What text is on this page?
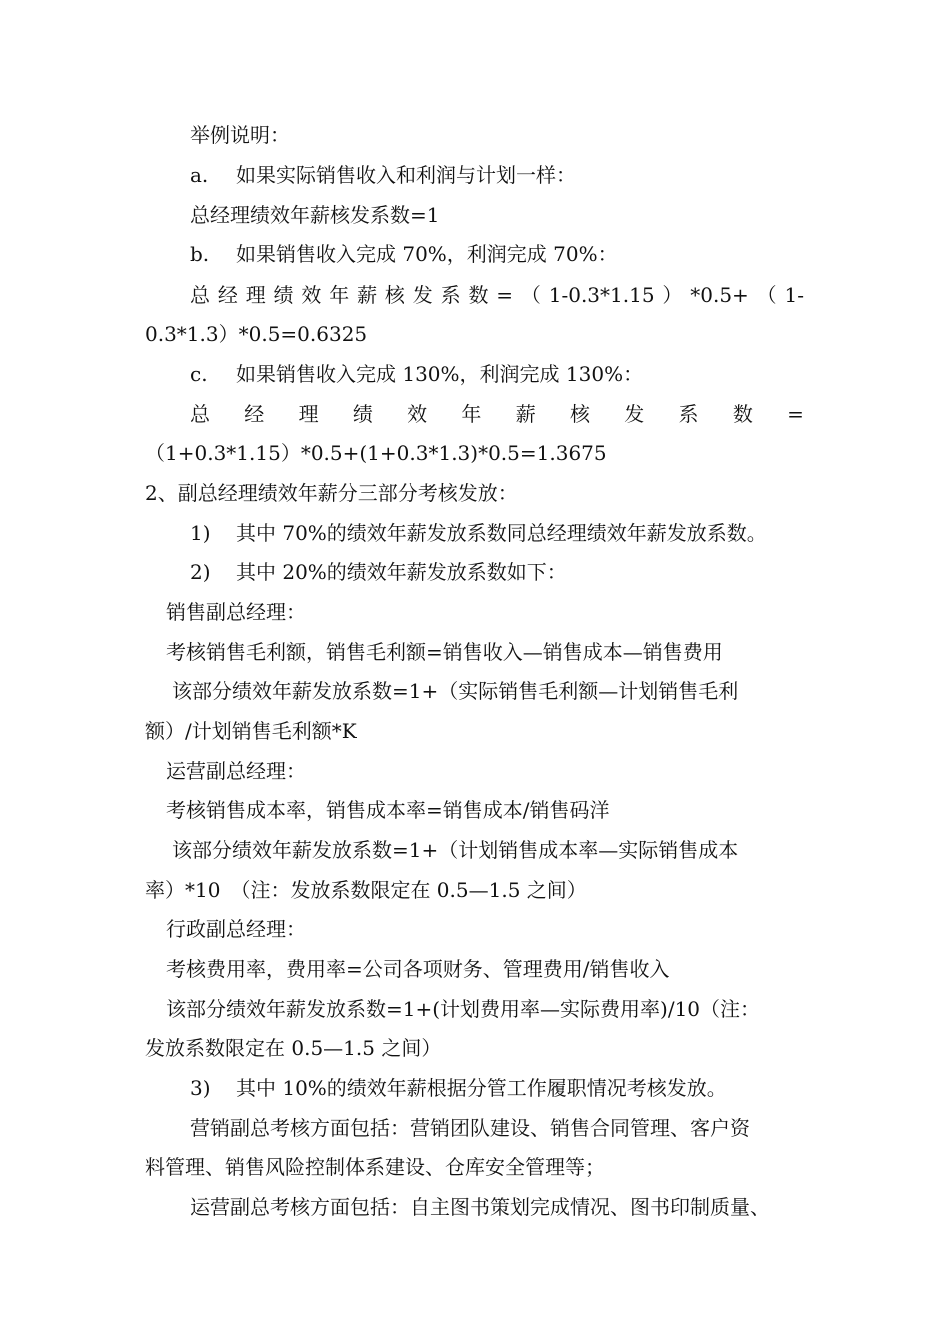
举例说明：
a. 如果实际销售收入和利润与计划一样：
总经理绩效年薪核发系数=1
b. 如果销售收入完成 70%，利润完成 70%：
总 经 理 绩 效 年 薪 核 发 系 数 = （ 1-0.3*1.15 ） *0.5+ （ 1-
0.3*1.3）*0.5=0.6325
c. 如果销售收入完成 130%，利润完成 130%：
总 经 理 绩 效 年 薪 核 发 系 数 =
（1+0.3*1.15）*0.5+(1+0.3*1.3)*0.5=1.3675
2、副总经理绩效年薪分三部分考核发放：
1) 其中 70%的绩效年薪发放系数同总经理绩效年薪发放系数。
2) 其中 20%的绩效年薪发放系数如下：
销售副总经理：
考核销售毛利额，销售毛利额=销售收入—销售成本—销售费用
该部分绩效年薪发放系数=1+（实际销售毛利额—计划销售毛利
额）/计划销售毛利额*K
运营副总经理：
考核销售成本率，销售成本率=销售成本/销售码洋
该部分绩效年薪发放系数=1+（计划销售成本率—实际销售成本
率）*10　（注：发放系数限定在 0.5—1.5 之间）
行政副总经理：
考核费用率，费用率=公司各项财务、管理费用/销售收入
该部分绩效年薪发放系数=1+(计划费用率—实际费用率)/10（注：
发放系数限定在 0.5—1.5 之间）
3) 其中 10%的绩效年薪根据分管工作履职情况考核发放。
营销副总考核方面包括：营销团队建设、销售合同管理、客户资
料管理、销售风险控制体系建设、仓库安全管理等；
运营副总考核方面包括：自主图书策划完成情况、图书印制质量、
